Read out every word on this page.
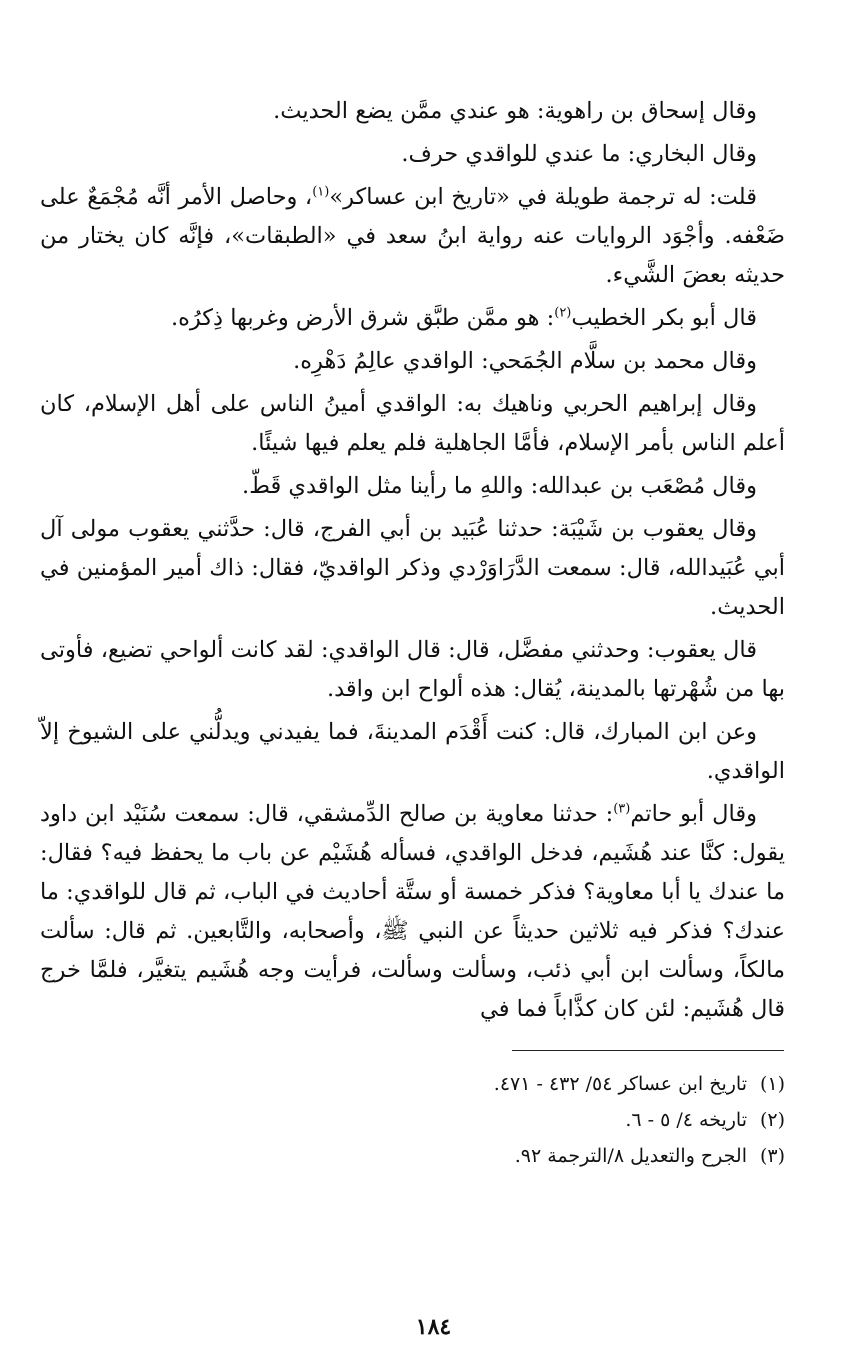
وقال إسحاق بن راهوية: هو عندي ممَّن يضع الحديث.

وقال البخاري: ما عندي للواقدي حرف.

قلت: له ترجمة طويلة في «تاريخ ابن عساكر»$^{(١)}$، وحاصل الأمر أنَّه مُجْمَعٌ على ضَعْفه. وأجْوَد الروايات عنه رواية ابنُ سعد في «الطبقات»، فإنَّه كان يختار من حديثه بعضَ الشَّيء.

قال أبو بكر الخطيب$^{(٢)}$: هو ممَّن طبَّق شرق الأرض وغربها ذِكرُه.

وقال محمد بن سلَّام الجُمَحي: الواقدي عالِمُ دَهْرِه.

وقال إبراهيم الحربي وناهيك به: الواقدي أمينُ الناس على أهل الإسلام، كان أعلم الناس بأمر الإسلام، فأمَّا الجاهلية فلم يعلم فيها شيئًا.

وقال مُصْعَب بن عبدالله: واللهِ ما رأينا مثل الواقدي قَطّ.

وقال يعقوب بن شَيْبَة: حدثنا عُبَيد بن أبي الفرج، قال: حدَّثني يعقوب مولى آل أبي عُبَيدالله، قال: سمعت الدَّرَاوَرْدي وذكر الواقديّ، فقال: ذاك أمير المؤمنين في الحديث.

قال يعقوب: وحدثني مفضَّل، قال: قال الواقدي: لقد كانت ألواحي تضيع، فأوتى بها من شُهْرتها بالمدينة، يُقال: هذه ألواح ابن واقد.

وعن ابن المبارك، قال: كنت أَقْدَم المدينةَ، فما يفيدني ويدلُّني على الشيوخ إلاّ الواقدي.

وقال أبو حاتم$^{(٣)}$: حدثنا معاوية بن صالح الدِّمشقي، قال: سمعت سُنَيْد ابن داود يقول: كنَّا عند هُشَيم، فدخل الواقدي، فسأله هُشَيْم عن باب ما يحفظ فيه؟ فقال: ما عندك يا أبا معاوية؟ فذكر خمسة أو ستَّة أحاديث في الباب، ثم قال للواقدي: ما عندك؟ فذكر فيه ثلاثين حديثاً عن النبي ﷺ، وأصحابه، والتَّابعين. ثم قال: سألت مالكاً، وسألت ابن أبي ذئب، وسألت وسألت، فرأيت وجه هُشَيم يتغيَّر، فلمَّا خرج قال هُشَيم: لئن كان كذَّاباً فما في

(١)تاريخ ابن عساكر ٥٤/ ٤٣٢ - ٤٧١.

(٢)تاريخه ٤/ ٥ - ٦.

(٣)الجرح والتعديل ٨/الترجمة ٩٢.

١٨٤
